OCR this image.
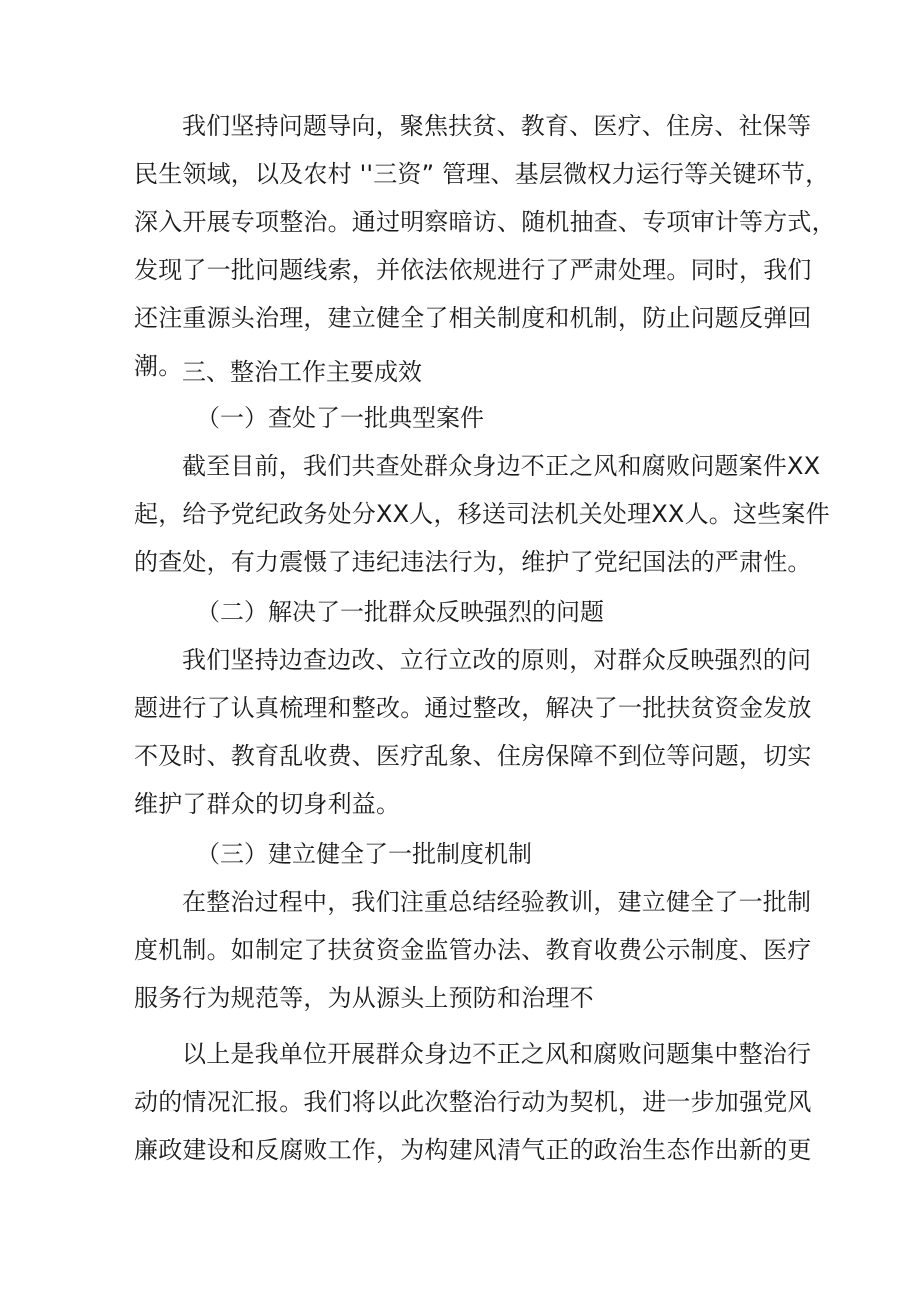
我们坚持问题导向，聚焦扶贫、教育、医疗、住房、社保等
民生领域，以及农村 ''三资” 管理、基层微权力运行等关键环节，
深入开展专项整治。通过明察暗访、随机抽查、专项审计等方式，
发现了一批问题线索，并依法依规进行了严肃处理。同时，我们
还注重源头治理，建立健全了相关制度和机制，防止问题反弹回
潮。 三、整治工作主要成效

（一）查处了一批典型案件

截至目前，我们共查处群众身边不正之风和腐败问题案件XX
起，给予党纪政务处分XX人，移送司法机关处理XX人。这些案件
的查处，有力震慑了违纪违法行为，维护了党纪国法的严肃性。

（二）解决了一批群众反映强烈的问题

我们坚持边查边改、立行立改的原则，对群众反映强烈的问
题进行了认真梳理和整改。通过整改，解决了一批扶贫资金发放
不及时、教育乱收费、医疗乱象、住房保障不到位等问题，切实
维护了群众的切身利益。

（三）建立健全了一批制度机制

在整治过程中，我们注重总结经验教训，建立健全了一批制
度机制。如制定了扶贫资金监管办法、教育收费公示制度、医疗
服务行为规范等，为从源头上预防和治理不
以上是我单位开展群众身边不正之风和腐败问题集中整治行
动的情况汇报。我们将以此次整治行动为契机，进一步加强党风
廉政建设和反腐败工作，为构建风清气正的政治生态作出新的更
